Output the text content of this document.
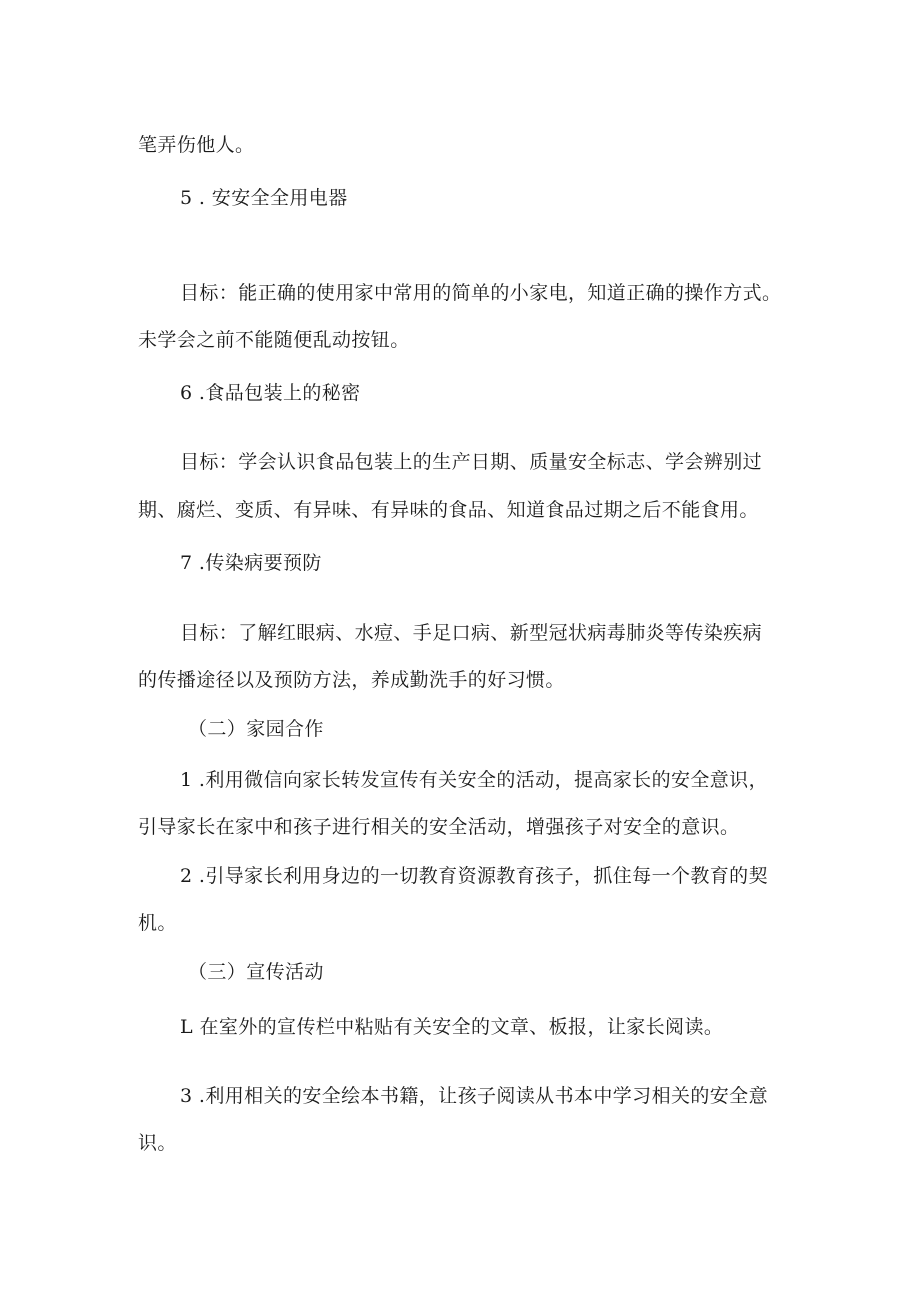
笔弄伤他人。
5 . 安安全全用电器
目标：能正确的使用家中常用的简单的小家电，知道正确的操作方式。
未学会之前不能随便乱动按钮。
6 .食品包装上的秘密
目标：学会认识食品包装上的生产日期、质量安全标志、学会辨别过
期、腐烂、变质、有异味、有异味的食品、知道食品过期之后不能食用。
7 .传染病要预防
目标：了解红眼病、水痘、手足口病、新型冠状病毒肺炎等传染疾病
的传播途径以及预防方法，养成勤洗手的好习惯。
（二）家园合作
1 .利用微信向家长转发宣传有关安全的活动，提高家长的安全意识，
引导家长在家中和孩子进行相关的安全活动，增强孩子对安全的意识。
2 .引导家长利用身边的一切教育资源教育孩子，抓住每一个教育的契
机。
（三）宣传活动
L 在室外的宣传栏中粘贴有关安全的文章、板报，让家长阅读。
3 .利用相关的安全绘本书籍，让孩子阅读从书本中学习相关的安全意
识。
